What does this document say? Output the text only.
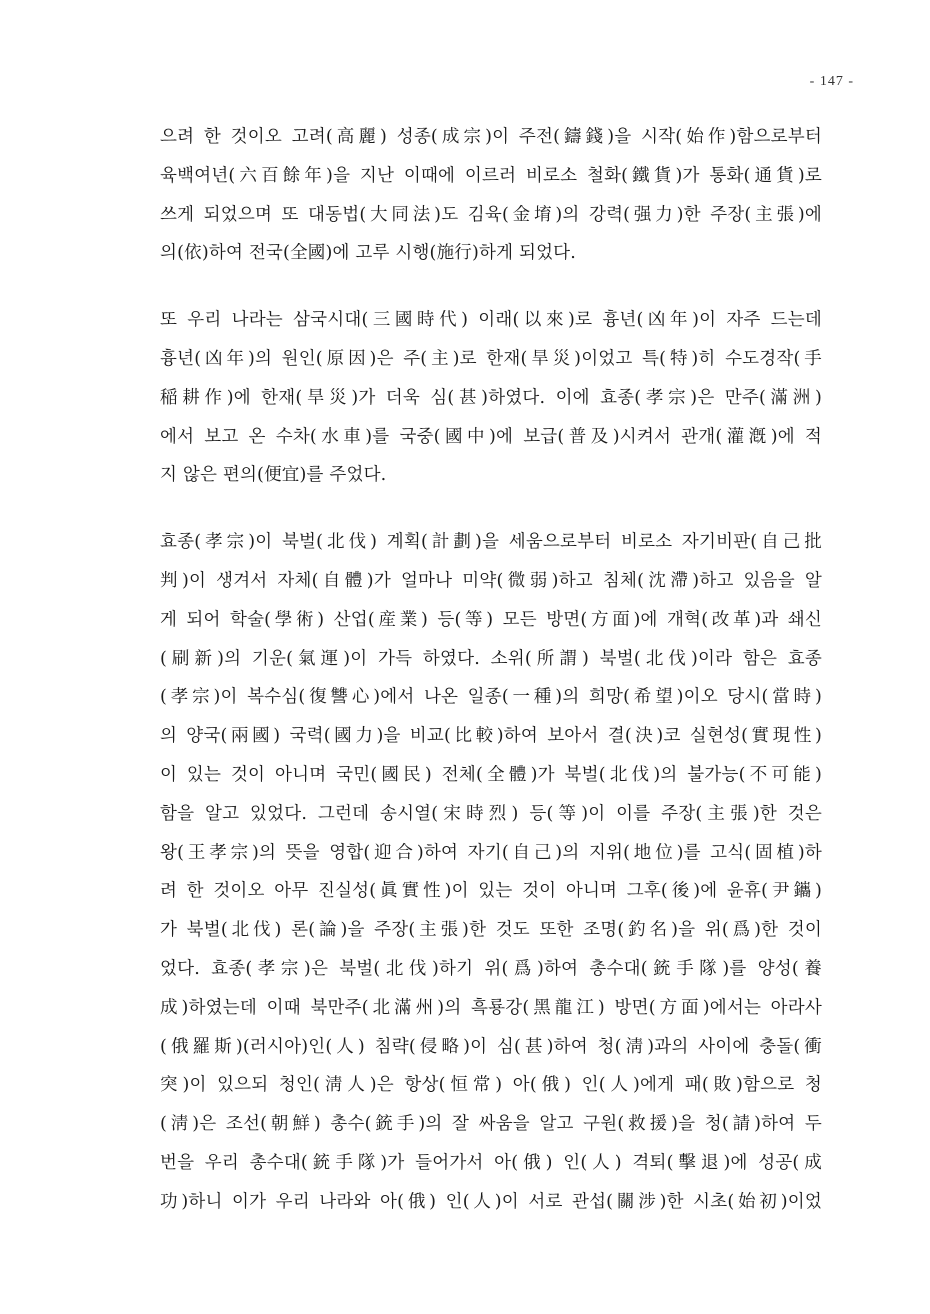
- 147 -
으려 한 것이오 고려(高麗) 성종(成宗)이 주전(鑄錢)을 시작(始作)함으로부터
육백여년(六百餘年)을 지난 이때에 이르러 비로소 철화(鐵貨)가 통화(通貨)로
쓰게 되었으며 또 대동법(大同法)도 김육(金堉)의 강력(强力)한 주장(主張)에
의(依)하여 전국(全國)에 고루 시행(施行)하게 되었다.
또 우리 나라는 삼국시대(三國時代) 이래(以來)로 흉년(凶年)이 자주 드는데
흉년(凶年)의 원인(原因)은 주(主)로 한재(旱災)이었고 특(特)히 수도경작(手
稲耕作)에 한재(旱災)가 더욱 심(甚)하였다. 이에 효종(孝宗)은 만주(滿洲)
에서 보고 온 수차(水車)를 국중(國中)에 보급(普及)시켜서 관개(灌漑)에 적
지 않은 편의(便宜)를 주었다.
효종(孝宗)이 북벌(北伐) 계획(計劃)을 세움으로부터 비로소 자기비판(自己批
判)이 생겨서 자체(自體)가 얼마나 미약(微弱)하고 침체(沈滯)하고 있음을 알
게 되어 학술(學術) 산업(産業) 등(等) 모든 방면(方面)에 개혁(改革)과 쇄신
(刷新)의 기운(氣運)이 가득 하였다. 소위(所謂) 북벌(北伐)이라 함은 효종
(孝宗)이 복수심(復讐心)에서 나온 일종(一種)의 희망(希望)이오 당시(當時)
의 양국(兩國) 국력(國力)을 비교(比較)하여 보아서 결(決)코 실현성(實現性)
이 있는 것이 아니며 국민(國民) 전체(全體)가 북벌(北伐)의 불가능(不可能)
함을 알고 있었다. 그런데 송시열(宋時烈) 등(等)이 이를 주장(主張)한 것은
왕(王孝宗)의 뜻을 영합(迎合)하여 자기(自己)의 지위(地位)를 고식(固植)하
려 한 것이오 아무 진실성(眞實性)이 있는 것이 아니며 그후(後)에 윤휴(尹鑴)
가 북벌(北伐) 론(論)을 주장(主張)한 것도 또한 조명(釣名)을 위(爲)한 것이
었다. 효종(孝宗)은 북벌(北伐)하기 위(爲)하여 총수대(銃手隊)를 양성(養
成)하였는데 이때 북만주(北滿州)의 흑룡강(黑龍江) 방면(方面)에서는 아라사
(俄羅斯)(러시아)인(人) 침략(侵略)이 심(甚)하여 청(淸)과의 사이에 충돌(衝
突)이 있으되 청인(淸人)은 항상(恒常) 아(俄) 인(人)에게 패(敗)함으로 청
(淸)은 조선(朝鮮) 총수(銃手)의 잘 싸움을 알고 구원(救援)을 청(請)하여 두
번을 우리 총수대(銃手隊)가 들어가서 아(俄) 인(人) 격퇴(擊退)에 성공(成
功)하니 이가 우리 나라와 아(俄) 인(人)이 서로 관섭(關涉)한 시초(始初)이었
